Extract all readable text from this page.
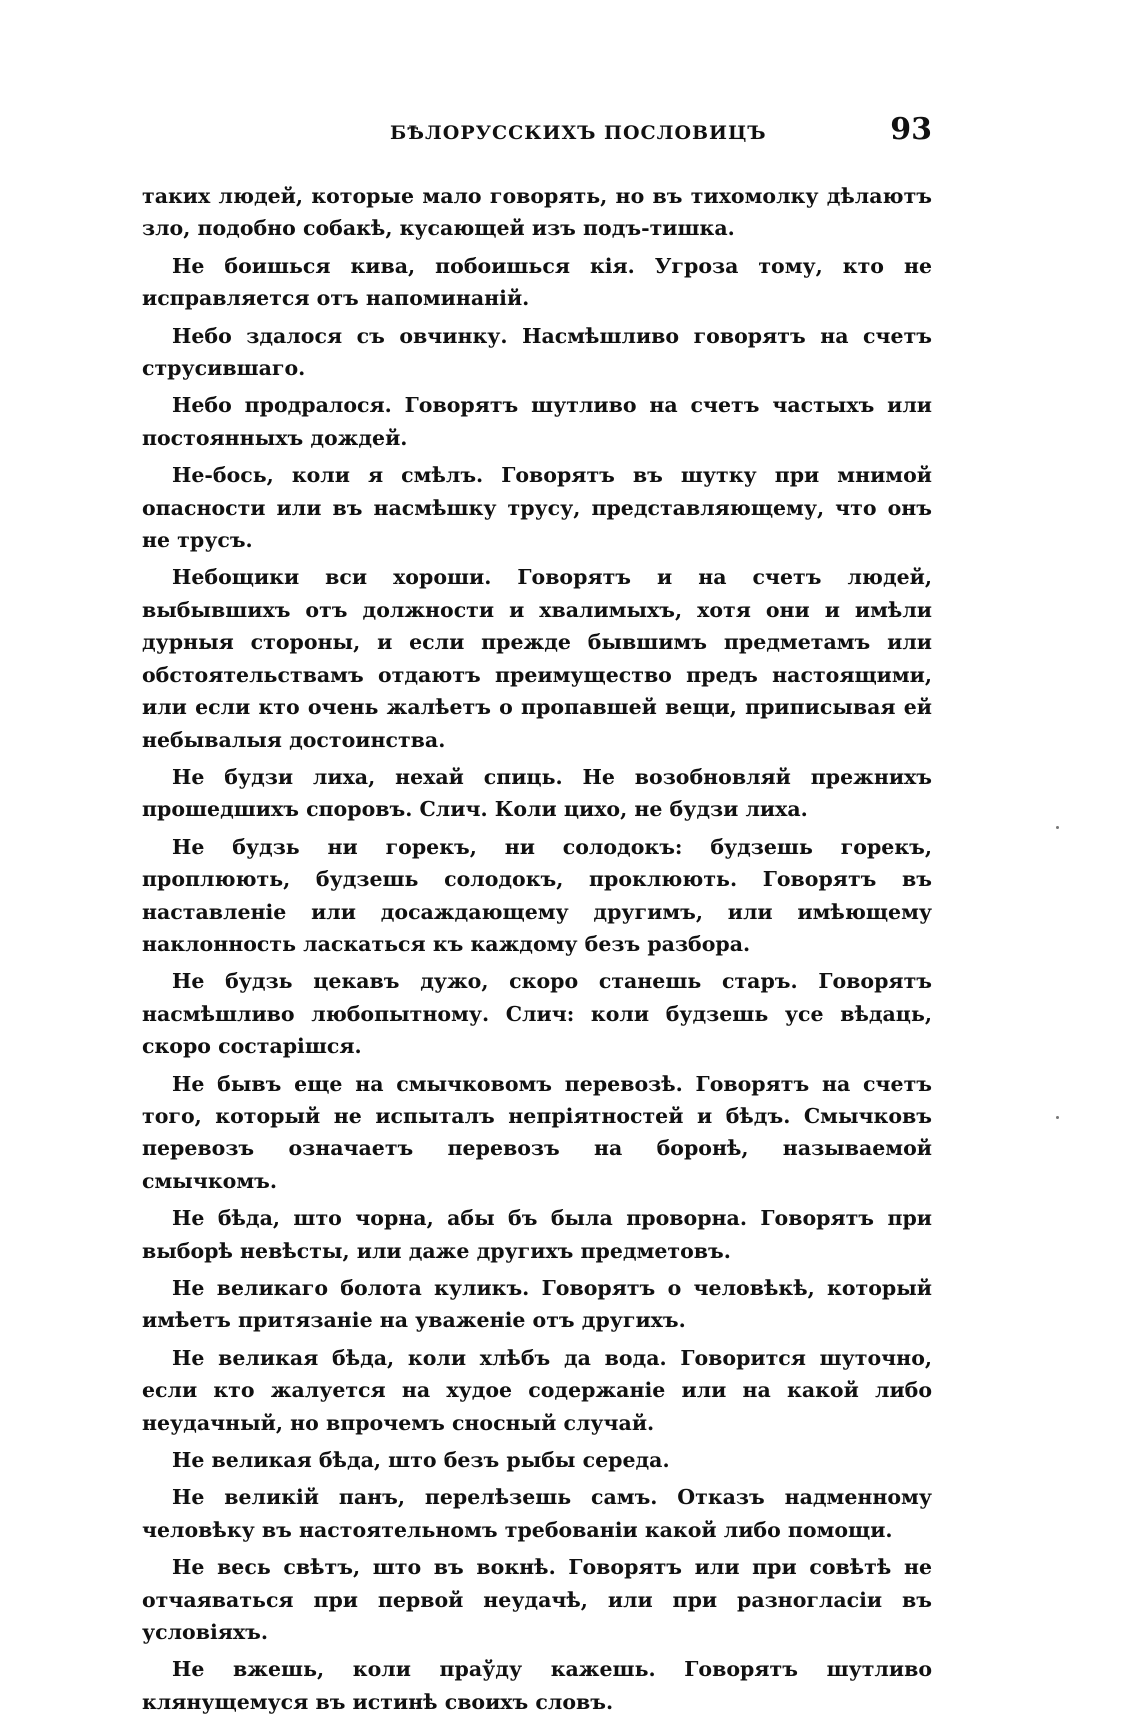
БѢЛОРУССКИХЪ ПОСЛОВИЦЪ	93

таких людей, которые мало говорять, но въ тихомолку дѣлаютъ зло, подобно собакѣ, кусающей изъ подъ-тишка.

Не боишься кива, побоишься кія. Угроза тому, кто не исправляется отъ напоминаній.

Небо здалося съ овчинку. Насмѣшливо говорятъ на счетъ струсившаго.

Небо продралося. Говорятъ шутливо на счетъ частыхъ или постоянныхъ дождей.

Не-бось, коли я смѣлъ. Говорятъ въ шутку при мнимой опасности или въ насмѣшку трусу, представляющему, что онъ не трусъ.

Небощики вси хороши. Говорятъ и на счетъ людей, выбывшихъ отъ должности и хвалимыхъ, хотя они и имѣли дурныя стороны, и если прежде бывшимъ предметамъ или обстоятельствамъ отдаютъ преимущество предъ настоящими, или если кто очень жалѣетъ о пропавшей вещи, приписывая ей небывалыя достоинства.

Не будзи лиха, нехай спиць. Не возобновляй прежнихъ прошедшихъ споровъ. Слич. Коли цихо, не будзи лиха.

Не будзь ни горекъ, ни солодокъ: будзешь горекъ, проплюють, будзешь солодокъ, проклюють. Говорятъ въ наставленіе или досаждающему другимъ, или имѣющему наклонность ласкаться къ каждому безъ разбора.

Не будзь цекавъ дужо, скоро станешь старъ. Говорятъ насмѣшливо любопытному. Слич: коли будзешь усе вѣдаць, скоро состарішся.

Не бывъ еще на смычковомъ перевозѣ. Говорятъ на счетъ того, который не испыталъ непріятностей и бѣдъ. Смычковъ перевозъ означаетъ перевозъ на боронѣ, называемой смычкомъ.

Не бѣда, што чорна, абы бъ была проворна. Говорятъ при выборѣ невѣсты, или даже другихъ предметовъ.

Не великаго болота куликъ. Говорятъ о человѣкѣ, который имѣетъ притязаніе на уваженіе отъ другихъ.

Не великая бѣда, коли хлѣбъ да вода. Говорится шуточно, если кто жалуется на худое содержаніе или на какой либо неудачный, но впрочемъ сносный случай.

Не великая бѣда, што безъ рыбы середа.

Не великій панъ, перелѣзешь самъ. Отказъ надменному человѣку въ настоятельномъ требованіи какой либо помощи.

Не весь свѣтъ, што въ вокнѣ. Говорятъ или при совѣтѣ не отчаяваться при первой неудачѣ, или при разногласіи въ условіяхъ.

Не вжешь, коли праўду кажешь. Говорятъ шутливо клянущемуся въ истинѣ своихъ словъ.
